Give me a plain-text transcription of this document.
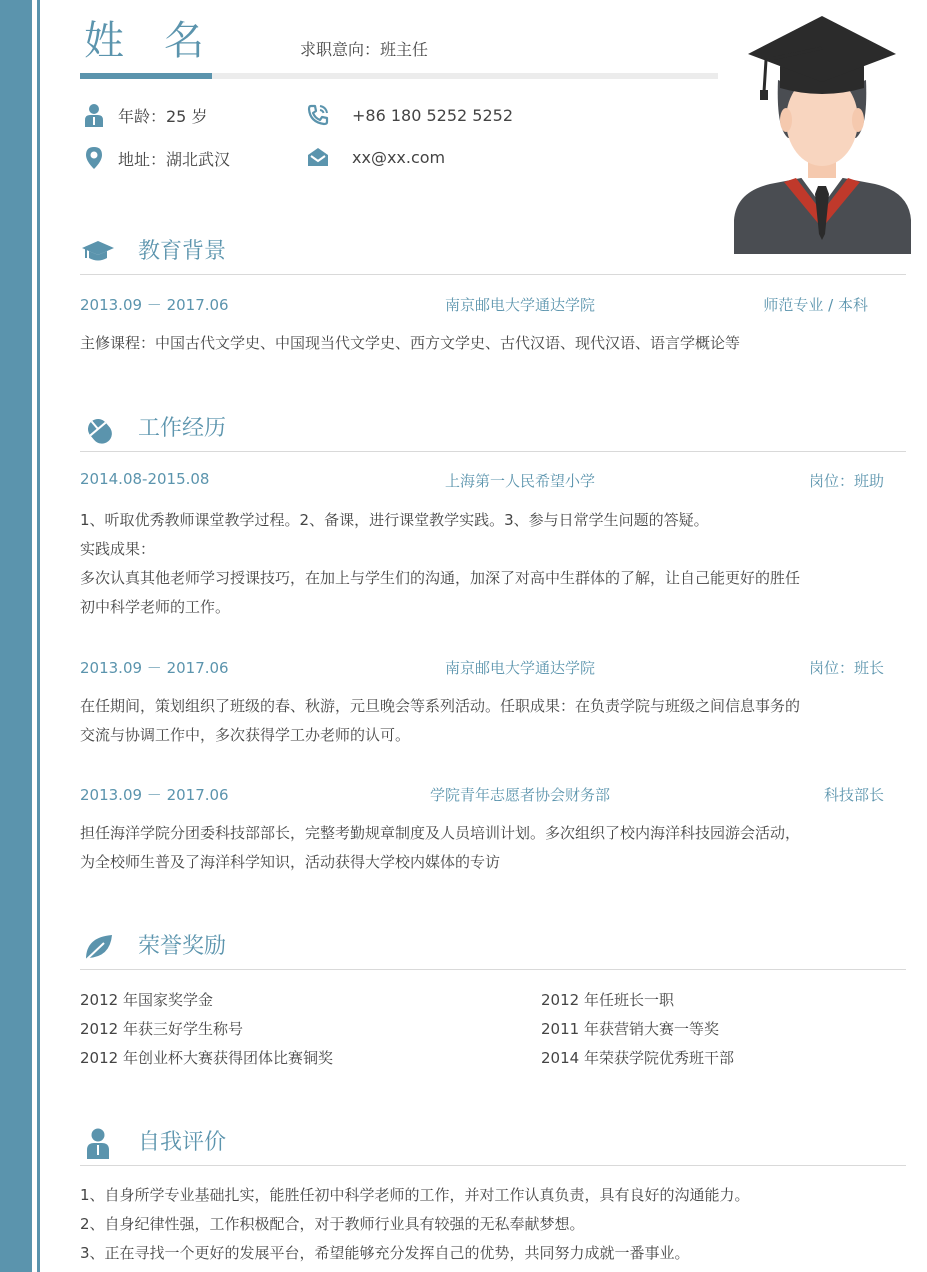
姓名	求职意向：班主任
年龄：25 岁	+86 180 5252 5252
地址：湖北武汉	xx@xx.com
教育背景
2013.09 － 2017.06	南京邮电大学通达学院	师范专业 / 本科
主修课程：中国古代文学史、中国现当代文学史、西方文学史、古代汉语、现代汉语、语言学概论等
工作经历
2014.08-2015.08	上海第一人民希望小学	岗位：班助
1、听取优秀教师课堂教学过程。2、备课，进行课堂教学实践。3、参与日常学生问题的答疑。
实践成果：
多次认真其他老师学习授课技巧，在加上与学生们的沟通，加深了对高中生群体的了解，让自己能更好的胜任
初中科学老师的工作。
2013.09 － 2017.06	南京邮电大学通达学院	岗位：班长
在任期间，策划组织了班级的春、秋游，元旦晚会等系列活动。任职成果：在负责学院与班级之间信息事务的
交流与协调工作中，多次获得学工办老师的认可。
2013.09 － 2017.06	学院青年志愿者协会财务部	科技部长
担任海洋学院分团委科技部部长，完整考勤规章制度及人员培训计划。多次组织了校内海洋科技园游会活动，
为全校师生普及了海洋科学知识，活动获得大学校内媒体的专访
荣誉奖励
2012 年国家奖学金
2012 年获三好学生称号
2012 年创业杯大赛获得团体比赛铜奖
2012 年任班长一职
2011 年获营销大赛一等奖
2014 年荣获学院优秀班干部
自我评价
1、自身所学专业基础扎实，能胜任初中科学老师的工作，并对工作认真负责，具有良好的沟通能力。
2、自身纪律性强，工作积极配合，对于教师行业具有较强的无私奉献梦想。
3、正在寻找一个更好的发展平台，希望能够充分发挥自己的优势，共同努力成就一番事业。
